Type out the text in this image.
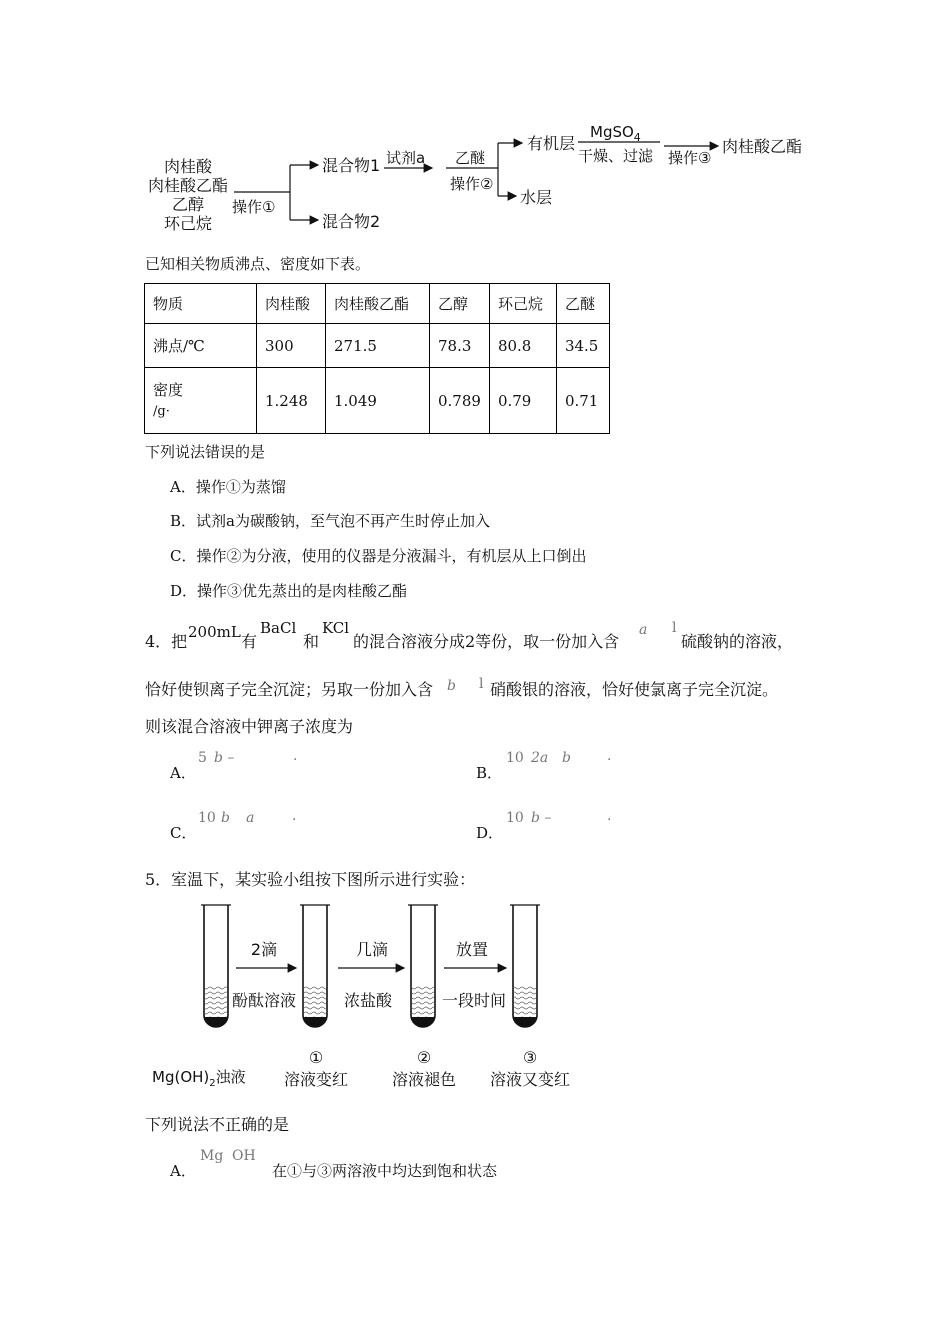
肉桂酸
肉桂酸乙酯
乙醇
环己烷
操作①
混合物1
混合物2
试剂a 乙醚
操作②
有机层
水层
MgSO$_4$
干燥、过滤 操作③
肉桂酸乙酯
已知相关物质沸点、密度如下表。
物质	肉桂酸	肉桂酸乙酯	乙醇	环己烷	乙醚
沸点/℃	300	271.5	78.3	80.8	34.5
密度
/g·	1.248	1.049	0.789	0.79	0.71
下列说法错误的是
A．操作①为蒸馏
B．试剂a为碳酸钠，至气泡不再产生时停止加入
C．操作②为分液，使用的仪器是分液漏斗，有机层从上口倒出
D．操作③优先蒸出的是肉桂酸乙酯
4．把 200mL 有
BaCl
和
KCl
的混合溶液分成2等份，取一份加入含
a l
硫酸钠的溶液，
恰好使钡离子完全沉淀；另取一份加入含 b l 硝酸银的溶液，恰好使氯离子完全沉淀。
则该混合溶液中钾离子浓度为
A．
5 b –	·
B．
10 2a b	·
C．
10 b a	·
D．
10 b –	·
5．室温下，某实验小组按下图所示进行实验：
2滴
酚酞溶液
几滴
浓盐酸
放置
一段时间
$Mg(OH)_2$浊液
①
溶液变红
②
溶液褪色
③
溶液又变红
下列说法不正确的是
A．
Mg OH
在①与③两溶液中均达到饱和状态
